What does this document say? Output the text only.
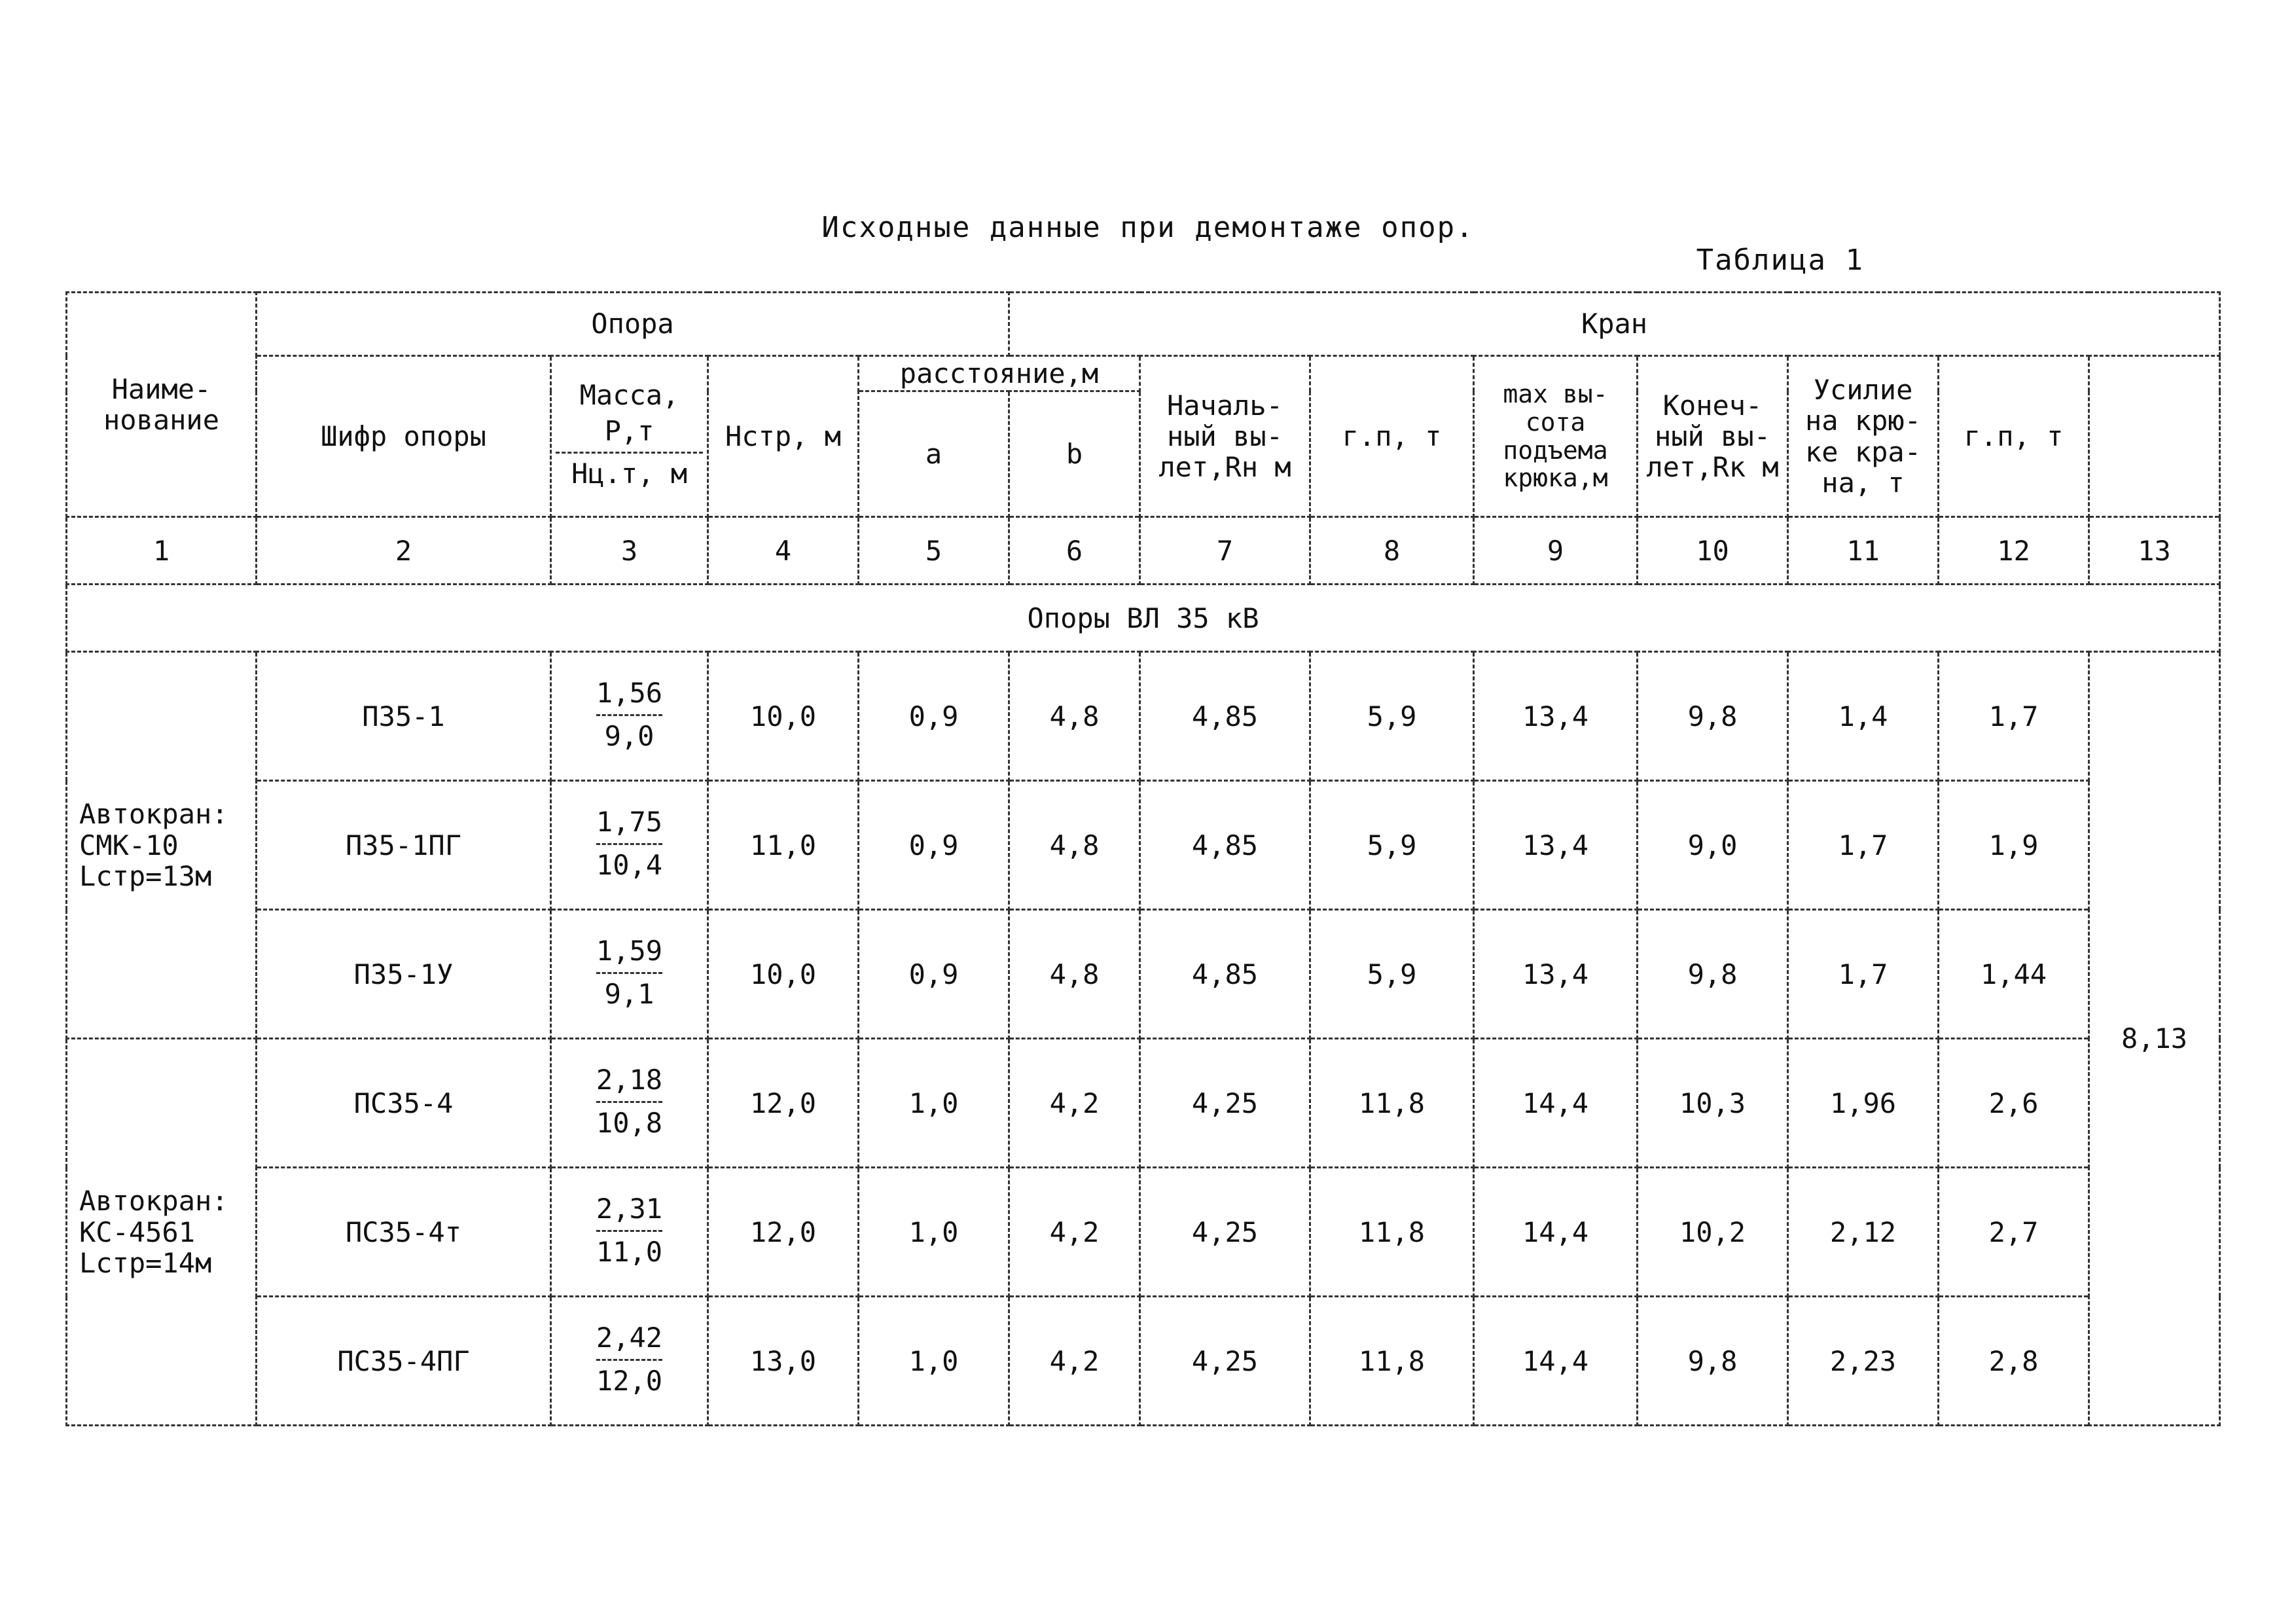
Исходные данные при демонтаже опор.
Таблица 1
Наиме-нование	Опора				Кран	
	Шифр опоры	$\frac{\text{Масса, Р,т}}{Нц.т, м}$	Нстр, м	расстояние,м		Началь-ный вы-лет,Rн м	г.п, т	max вы-сота подъема крюка,м	Конеч-ный вы-лет,Rк м	Усилие на крю-ке кра-на, т	г.п, т		
				а	b								
1	2	3	4	5	6	7	8	9	10	11	12	13	
Опоры ВЛ 35 кВ													
Автокран: СМК-10 Lстр=13м	П35-1	$\frac{1,56}{9,0}$	10,0	0,9	4,8	4,85	5,9	13,4	9,8	1,4	1,7	8,13	
	П35-1ПГ	$\frac{1,75}{10,4}$	11,0	0,9	4,8	4,85	5,9	13,4	9,0	1,7	1,9		
	П35-1У	$\frac{1,59}{9,1}$	10,0	0,9	4,8	4,85	5,9	13,4	9,8	1,7	1,44		
Автокран: КС-4561 Lстр=14м	ПС35-4	$\frac{2,18}{10,8}$	12,0	1,0	4,2	4,25	11,8	14,4	10,3	1,96	2,6		
	ПС35-4т	$\frac{2,31}{11,0}$	12,0	1,0	4,2	4,25	11,8	14,4	10,2	2,12	2,7		
	ПС35-4ПГ	$\frac{2,42}{12,0}$	13,0	1,0	4,2	4,25	11,8	14,4	9,8	2,23	2,8		
